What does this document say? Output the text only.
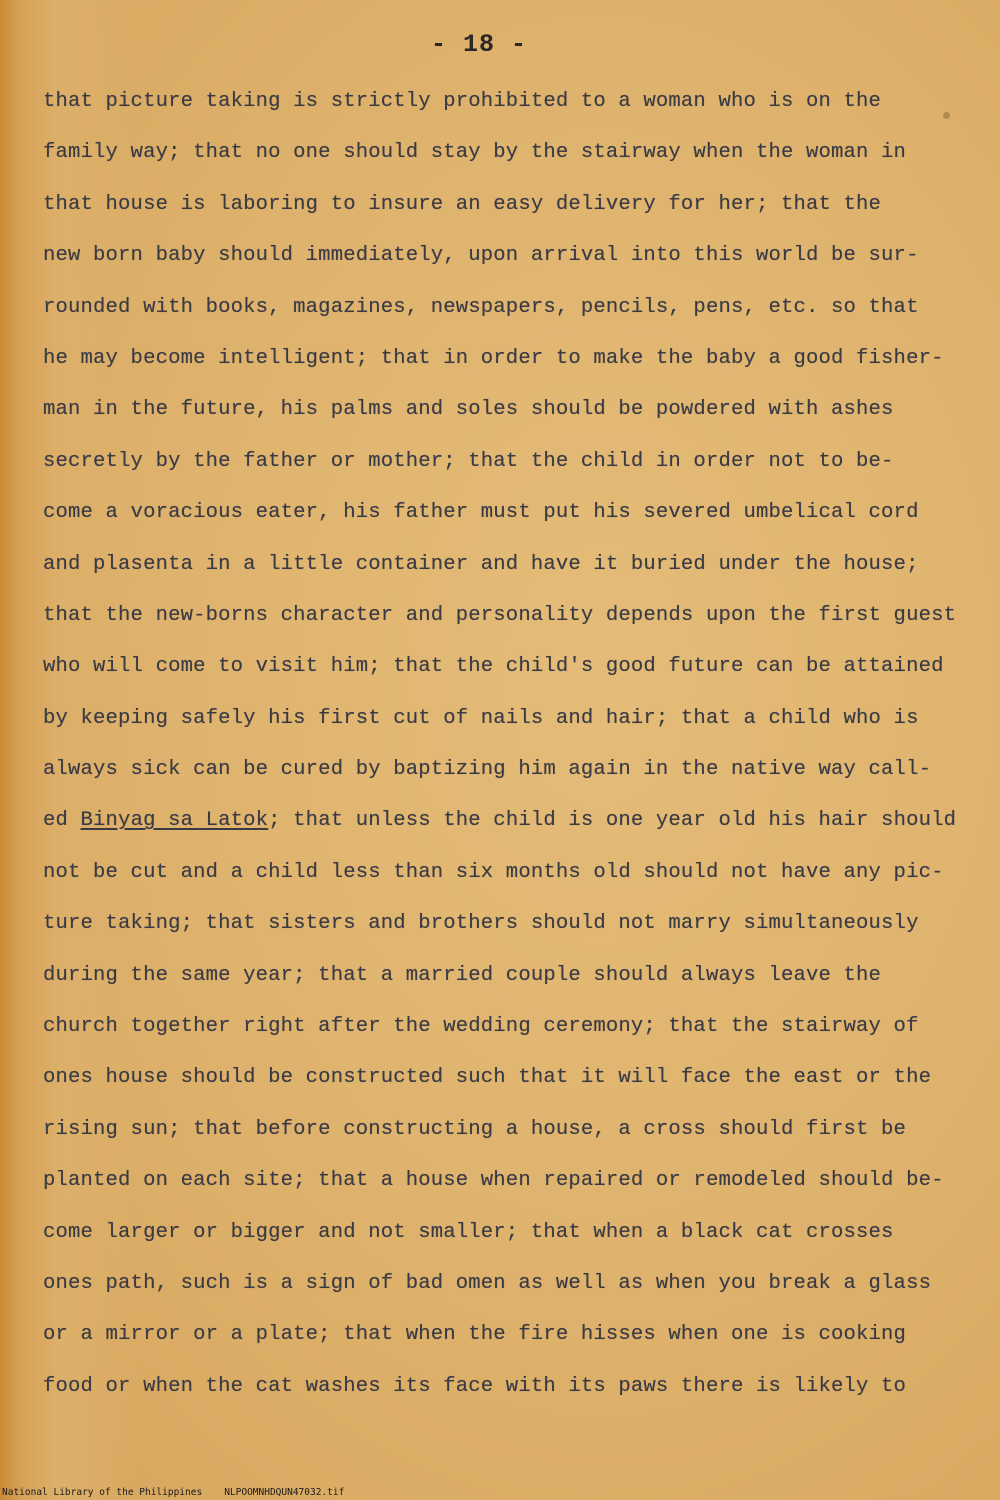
- 18 -
that picture taking is strictly prohibited to a woman who is on the
family way; that no one should stay by the stairway when the woman in
that house is laboring to insure an easy delivery for her; that the
new born baby should immediately, upon arrival into this world be sur-
rounded with books, magazines, newspapers, pencils, pens, etc. so that
he may become intelligent; that in order to make the baby a good fisher-
man in the future, his palms and soles should be powdered with ashes
secretly by the father or mother; that the child in order not to be-
come a voracious eater, his father must put his severed umbelical cord
and plasenta in a little container and have it buried under the house;
that the new-borns character and personality depends upon the first guest
who will come to visit him; that the child's good future can be attained
by keeping safely his first cut of nails and hair; that a child who is
always sick can be cured by baptizing him again in the native way call-
ed Binyag sa Latok; that unless the child is one year old his hair should
not be cut and a child less than six months old should not have any pic-
ture taking; that sisters and brothers should not marry simultaneously
during the same year; that a married couple should always leave the
church together right after the wedding ceremony; that the stairway of
ones house should be constructed such that it will face the east or the
rising sun; that before constructing a house, a cross should first be
planted on each site; that a house when repaired or remodeled should be-
come larger or bigger and not smaller; that when a black cat crosses
ones path, such is a sign of bad omen as well as when you break a glass
or a mirror or a plate; that when the fire hisses when one is cooking
food or when the cat washes its face with its paws there is likely to
National Library of the Philippines NLPOOMNHDQUN47032.tif
